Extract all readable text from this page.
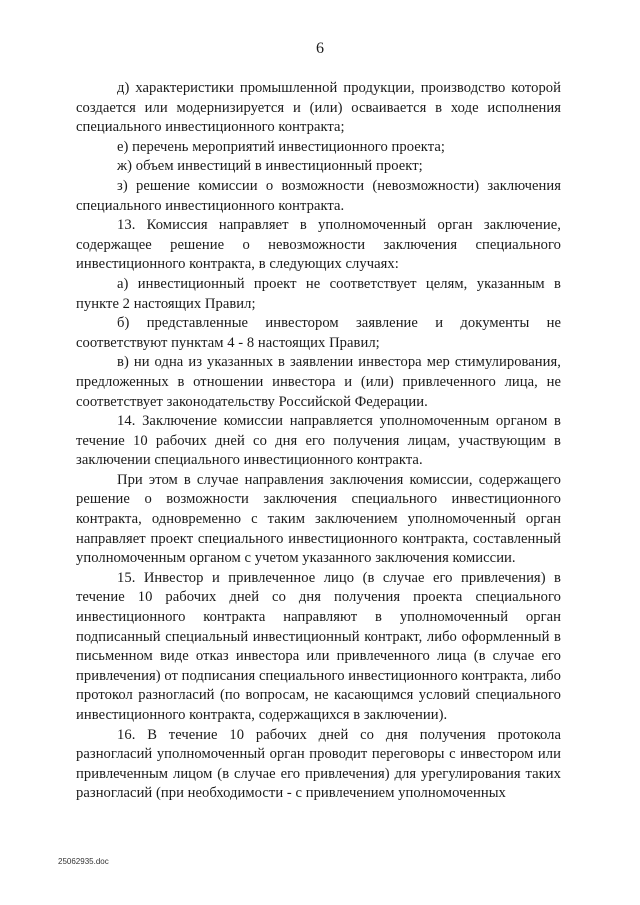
6

д) характеристики промышленной продукции, производство которой создается или модернизируется и (или) осваивается в ходе исполнения специального инвестиционного контракта;

е) перечень мероприятий инвестиционного проекта;

ж) объем инвестиций в инвестиционный проект;

з) решение комиссии о возможности (невозможности) заключения специального инвестиционного контракта.

13. Комиссия направляет в уполномоченный орган заключение, содержащее решение о невозможности заключения специального инвестиционного контракта, в следующих случаях:

а) инвестиционный проект не соответствует целям, указанным в пункте 2 настоящих Правил;

б) представленные инвестором заявление и документы не соответствуют пунктам 4 - 8 настоящих Правил;

в) ни одна из указанных в заявлении инвестора мер стимулирования, предложенных в отношении инвестора и (или) привлеченного лица, не соответствует законодательству Российской Федерации.

14. Заключение комиссии направляется уполномоченным органом в течение 10 рабочих дней со дня его получения лицам, участвующим в заключении специального инвестиционного контракта.

При этом в случае направления заключения комиссии, содержащего решение о возможности заключения специального инвестиционного контракта, одновременно с таким заключением уполномоченный орган направляет проект специального инвестиционного контракта, составленный уполномоченным органом с учетом указанного заключения комиссии.

15. Инвестор и привлеченное лицо (в случае его привлечения) в течение 10 рабочих дней со дня получения проекта специального инвестиционного контракта направляют в уполномоченный орган подписанный специальный инвестиционный контракт, либо оформленный в письменном виде отказ инвестора или привлеченного лица (в случае его привлечения) от подписания специального инвестиционного контракта, либо протокол разногласий (по вопросам, не касающимся условий специального инвестиционного контракта, содержащихся в заключении).

16. В течение 10 рабочих дней со дня получения протокола разногласий уполномоченный орган проводит переговоры с инвестором или привлеченным лицом (в случае его привлечения) для урегулирования таких разногласий (при необходимости - с привлечением уполномоченных

25062935.doc
